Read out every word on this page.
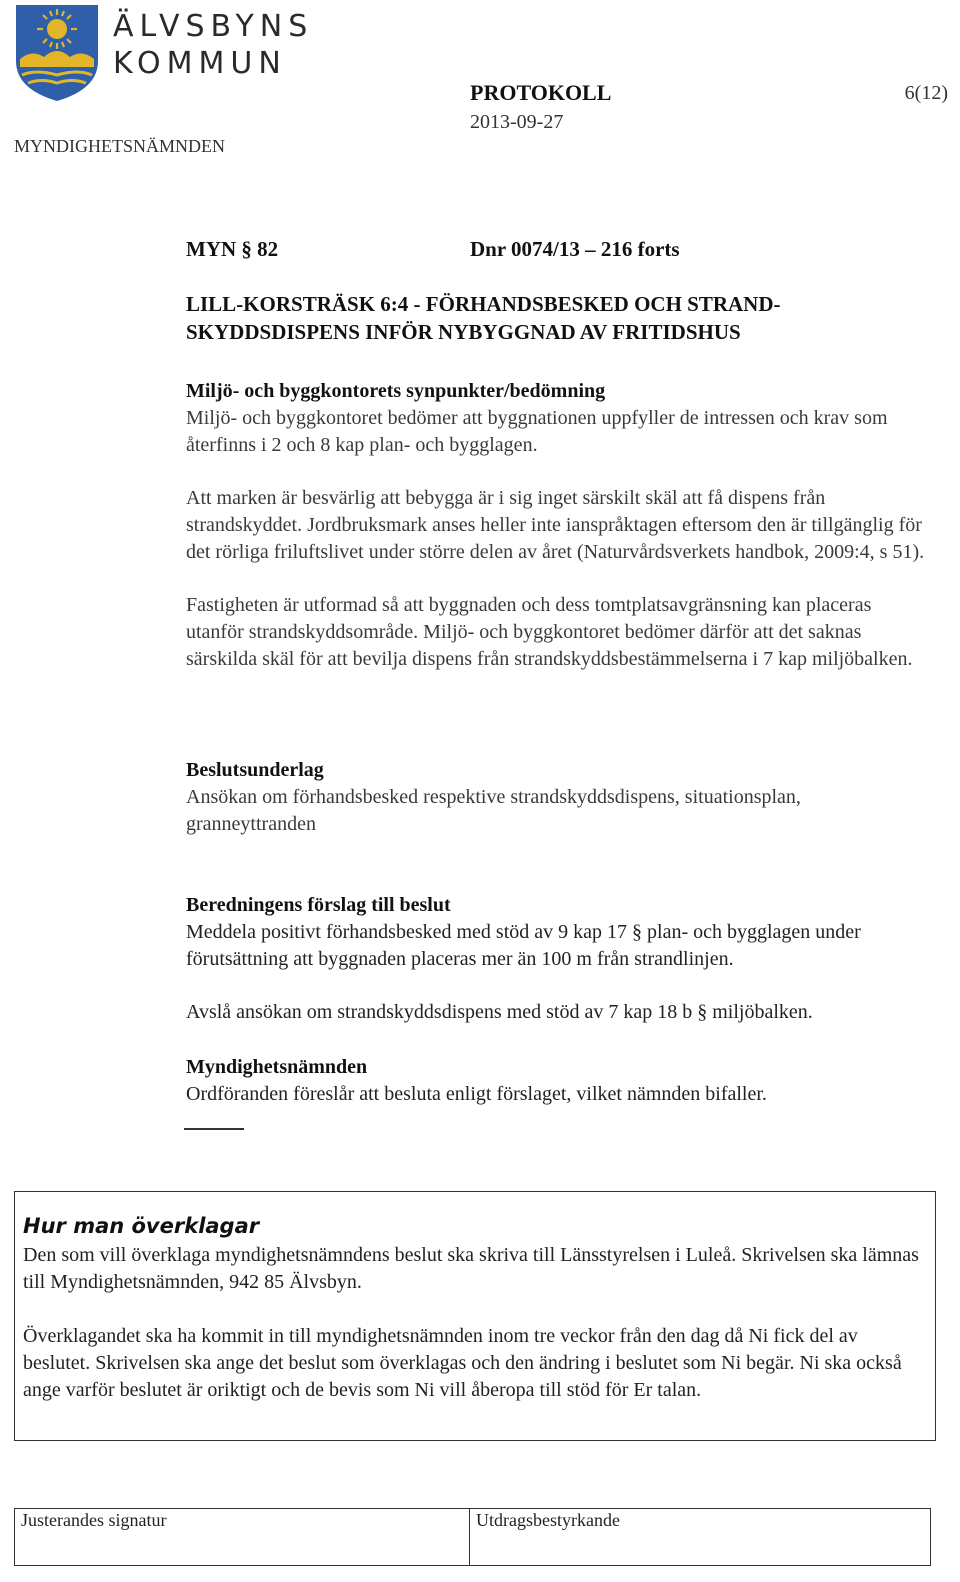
ÄLVSBYNS
KOMMUN
MYNDIGHETSNÄMNDEN
PROTOKOLL
2013-09-27
6(12)
MYN § 82	Dnr 0074/13 – 216 forts
LILL-KORSTRÄSK 6:4 - FÖRHANDSBESKED OCH STRAND-
SKYDDSDISPENS INFÖR NYBYGGNAD AV FRITIDSHUS

Miljö- och byggkontorets synpunkter/bedömning

Miljö- och byggkontoret bedömer att byggnationen uppfyller de intressen och krav som återfinns i 2 och 8 kap plan- och bygglagen.

Att marken är besvärlig att bebygga är i sig inget särskilt skäl att få dispens från strandskyddet. Jordbruksmark anses heller inte ianspråktagen eftersom den är tillgänglig för det rörliga friluftslivet under större delen av året (Naturvårdsverkets handbok, 2009:4, s 51).

Fastigheten är utformad så att byggnaden och dess tomtplatsavgränsning kan placeras utanför strandskyddsområde. Miljö- och byggkontoret bedömer därför att det saknas särskilda skäl för att bevilja dispens från strandskyddsbestämmelserna i 7 kap miljöbalken.

Beslutsunderlag

Ansökan om förhandsbesked respektive strandskyddsdispens, situationsplan, granneyttranden

Beredningens förslag till beslut

Meddela positivt förhandsbesked med stöd av 9 kap 17 § plan- och bygglagen under förutsättning att byggnaden placeras mer än 100 m från strandlinjen.

Avslå ansökan om strandskyddsdispens med stöd av 7 kap 18 b § miljöbalken.

Myndighetsnämnden

Ordföranden föreslår att besluta enligt förslaget, vilket nämnden bifaller.

Hur man överklagar

Den som vill överklaga myndighetsnämndens beslut ska skriva till Länsstyrelsen i Luleå. Skrivelsen ska lämnas till Myndighetsnämnden, 942 85 Älvsbyn.

Överklagandet ska ha kommit in till myndighetsnämnden inom tre veckor från den dag då Ni fick del av beslutet. Skrivelsen ska ange det beslut som överklagas och den ändring i beslutet som Ni begär. Ni ska också ange varför beslutet är oriktigt och de bevis som Ni vill åberopa till stöd för Er talan.

Justerandes signatur	Utdragsbestyrkande
